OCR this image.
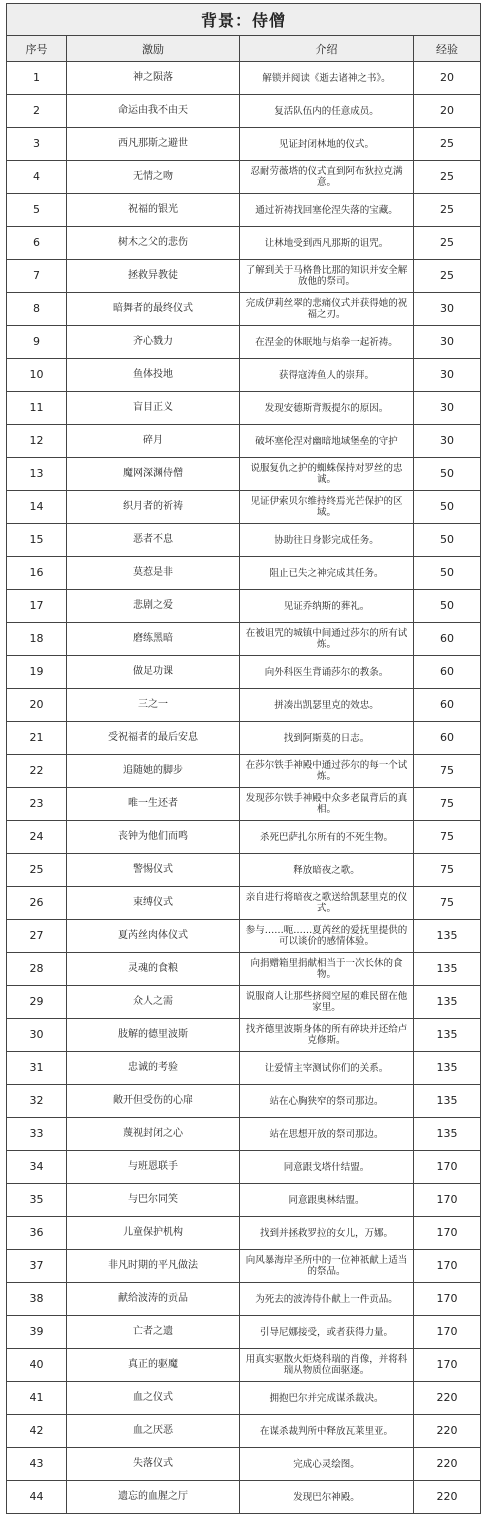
背景：侍僧			
序号	激励	介绍	经验
1	神之陨落	解锁并阅读《逝去诸神之书》。	20
2	命运由我不由天	复活队伍内的任意成员。	20
3	西凡那斯之避世	见证封闭林地的仪式。	25
4	无情之吻	忍耐劳薇塔的仪式直到阿布狄拉克满意。	25
5	祝福的银光	通过祈祷找回塞伦涅失落的宝藏。	25
6	树木之父的悲伤	让林地受到西凡那斯的诅咒。	25
7	拯救异教徒	了解到关于马格鲁比那的知识并安全解放他的祭司。	25
8	暗舞者的最终仪式	完成伊莉丝翠的悲痛仪式并获得她的祝福之刃。	30
9	齐心戮力	在涅金的休眠地与焰拳一起祈祷。	30
10	鱼体投地	获得寇涛鱼人的崇拜。	30
11	盲目正义	发现安德斯背叛提尔的原因。	30
12	碎月	破坏塞伦涅对幽暗地域堡垒的守护	30
13	魔网深渊侍僧	说服复仇之护的蜘蛛保持对罗丝的忠诚。	50
14	织月者的祈祷	见证伊索贝尔维持终焉光芒保护的区域。	50
15	恶者不息	协助往日身影完成任务。	50
16	莫惹是非	阻止已失之神完成其任务。	50
17	悲剧之爱	见证乔纳斯的葬礼。	50
18	磨练黑暗	在被诅咒的城镇中间通过莎尔的所有试炼。	60
19	做足功课	向外科医生背诵莎尔的教条。	60
20	三之一	拼凑出凯瑟里克的效忠。	60
21	受祝福者的最后安息	找到阿斯莫的日志。	60
22	追随她的脚步	在莎尔铁手神殿中通过莎尔的每一个试炼。	75
23	唯一生还者	发现莎尔铁手神殿中众多老鼠背后的真相。	75
24	丧钟为他们而鸣	杀死巴萨扎尔所有的不死生物。	75
25	警惕仪式	释放暗夜之歌。	75
26	束缚仪式	亲自进行将暗夜之歌送给凯瑟里克的仪式。	75
27	夏芮丝肉体仪式	参与……呃……夏芮丝的爱抚里提供的可以谈价的感情体验。	135
28	灵魂的食粮	向捐赠箱里捐献相当于一次长休的食物。	135
29	众人之需	说服商人让那些挤阅空屋的难民留在他家里。	135
30	肢解的德里波斯	找齐德里波斯身体的所有碎块并还给卢克修斯。	135
31	忠诚的考验	让爱情主宰测试你们的关系。	135
32	敞开但受伤的心扉	站在心胸狭窄的祭司那边。	135
33	蔑视封闭之心	站在思想开放的祭司那边。	135
34	与班恩联手	同意跟戈塔什结盟。	170
35	与巴尔同笑	同意跟奥林结盟。	170
36	儿童保护机构	找到并拯救罗拉的女儿，万娜。	170
37	非凡时期的平凡做法	向风暴海岸圣所中的一位神祇献上适当的祭品。	170
38	献给波涛的贡品	为死去的波涛侍仆献上一件贡品。	170
39	亡者之遗	引导尼娜接受，或者获得力量。	170
40	真正的驱魔	用真实驱散火炬烧科瑞的肖像，并将科瑞从物质位面驱逐。	170
41	血之仪式	拥抱巴尔并完成谋杀裁决。	220
42	血之厌恶	在谋杀裁判所中释放瓦莱里亚。	220
43	失落仪式	完成心灵绘图。	220
44	遗忘的血腥之厅	发现巴尔神殿。	220
